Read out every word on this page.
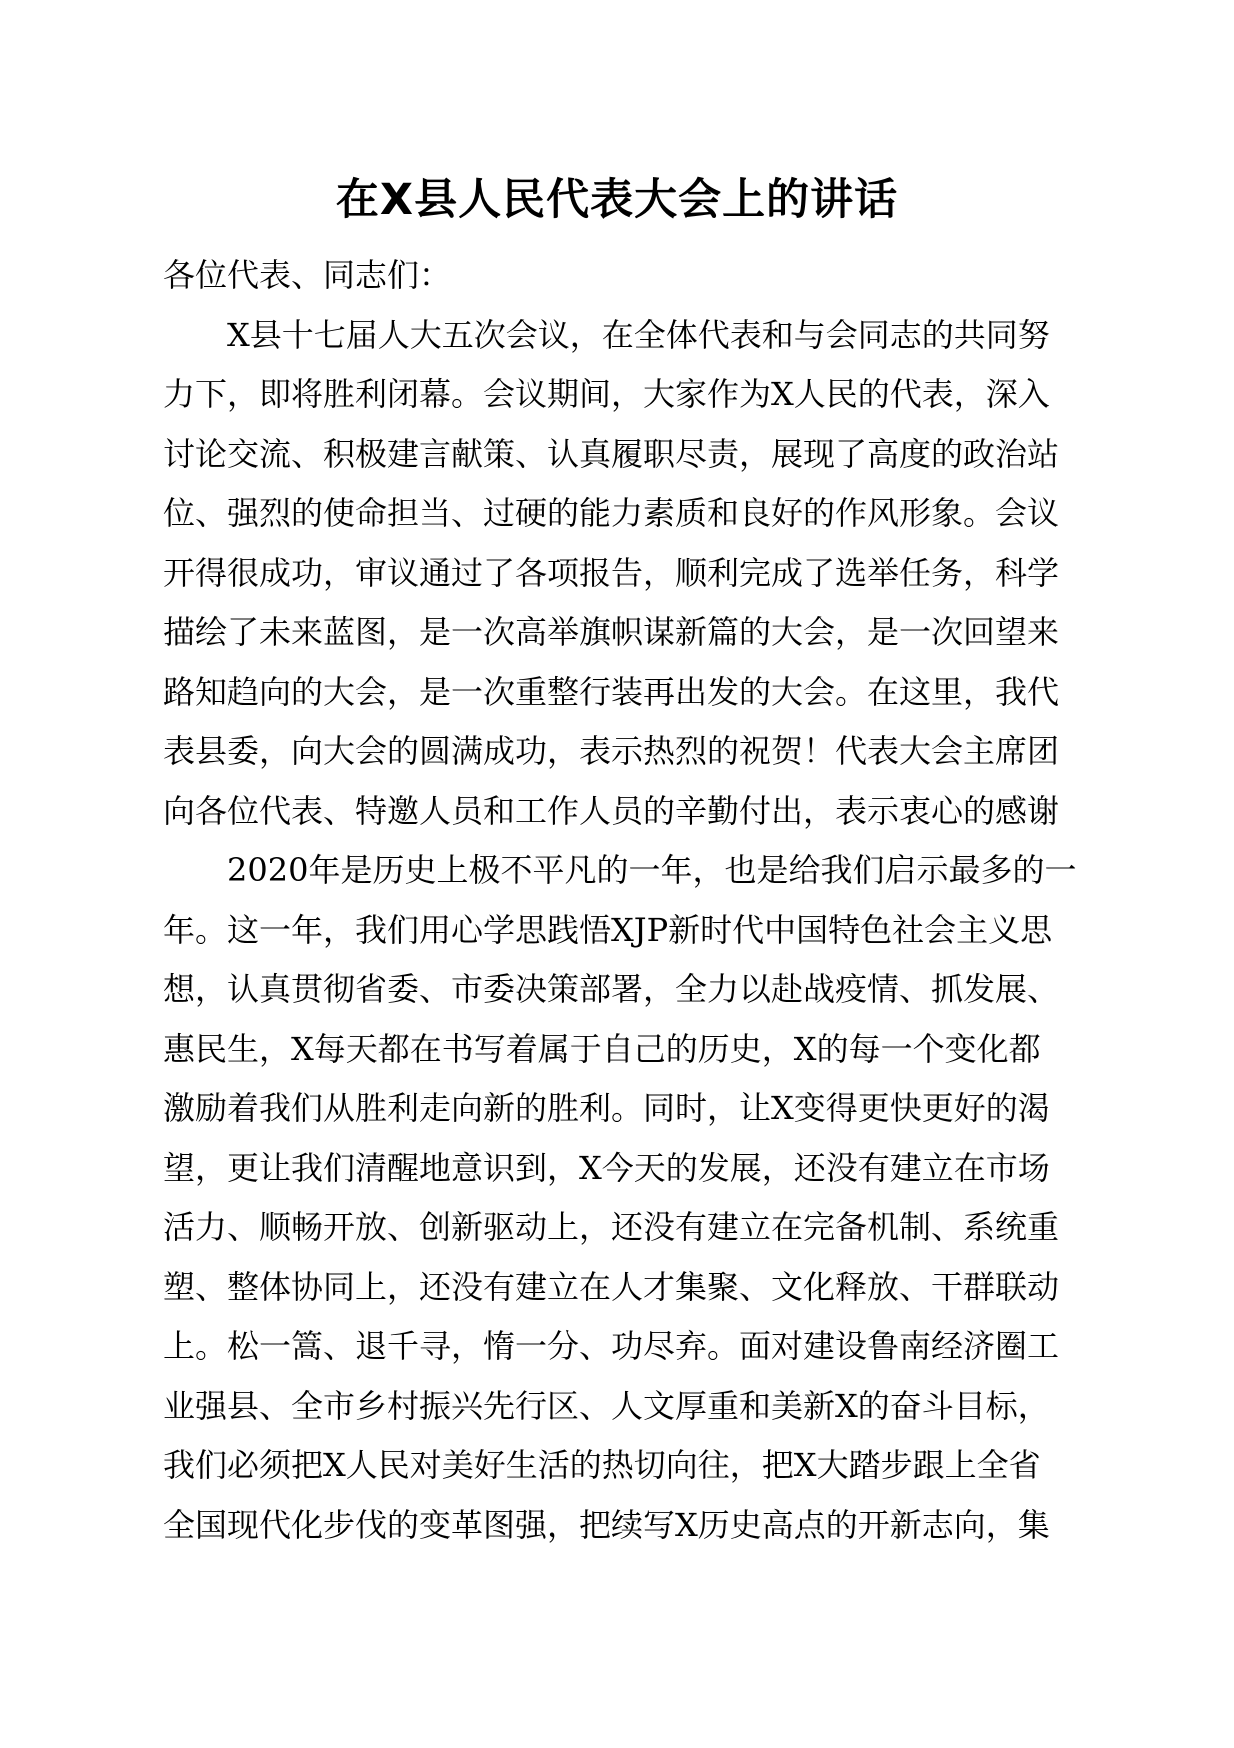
在X县人民代表大会上的讲话
各位代表、同志们：
X县十七届人大五次会议，在全体代表和与会同志的共同努
力下，即将胜利闭幕。会议期间，大家作为X人民的代表，深入
讨论交流、积极建言献策、认真履职尽责，展现了高度的政治站
位、强烈的使命担当、过硬的能力素质和良好的作风形象。会议
开得很成功，审议通过了各项报告，顺利完成了选举任务，科学
描绘了未来蓝图，是一次高举旗帜谋新篇的大会，是一次回望来
路知趋向的大会，是一次重整行装再出发的大会。在这里，我代
表县委，向大会的圆满成功，表示热烈的祝贺！代表大会主席团
向各位代表、特邀人员和工作人员的辛勤付出，表示衷心的感谢
2020年是历史上极不平凡的一年，也是给我们启示最多的一
年。这一年，我们用心学思践悟XJP新时代中国特色社会主义思
想，认真贯彻省委、市委决策部署，全力以赴战疫情、抓发展、
惠民生，X每天都在书写着属于自己的历史，X的每一个变化都
激励着我们从胜利走向新的胜利。同时，让X变得更快更好的渴
望，更让我们清醒地意识到，X今天的发展，还没有建立在市场
活力、顺畅开放、创新驱动上，还没有建立在完备机制、系统重
塑、整体协同上，还没有建立在人才集聚、文化释放、干群联动
上。松一篙、退千寻，惰一分、功尽弃。面对建设鲁南经济圈工
业强县、全市乡村振兴先行区、人文厚重和美新X的奋斗目标，
我们必须把X人民对美好生活的热切向往，把X大踏步跟上全省
全国现代化步伐的变革图强，把续写X历史高点的开新志向，集
